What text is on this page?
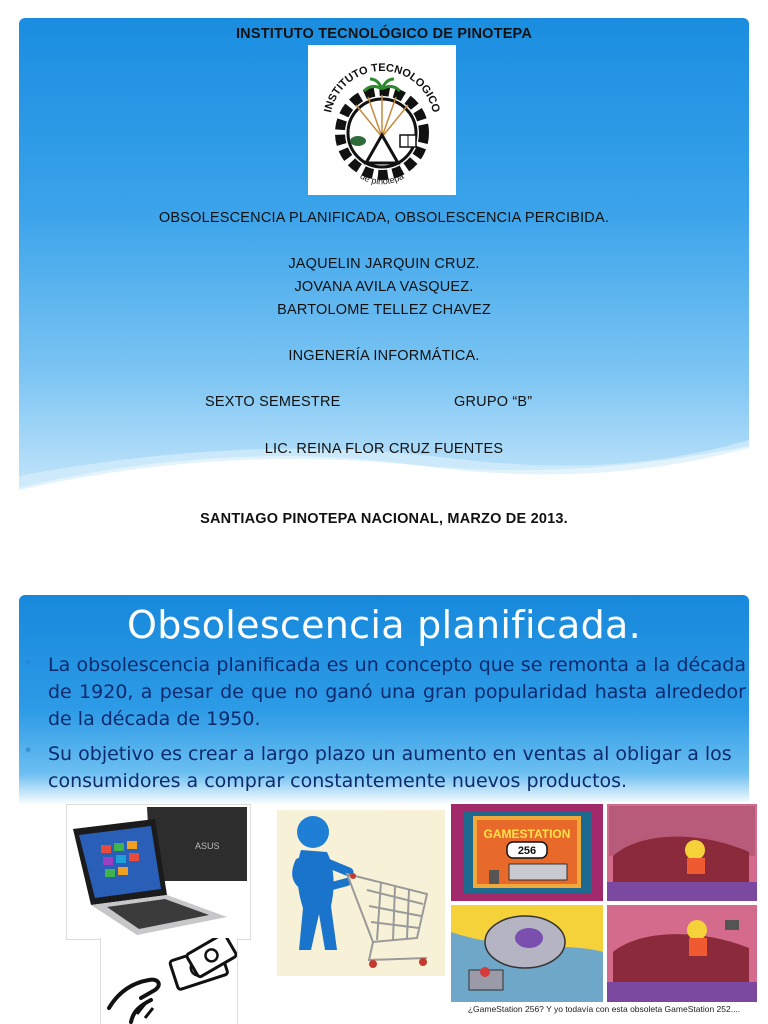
INSTITUTO TECNOLÓGICO DE PINOTEPA
INSTITUTO TECNOLOGICO
de pinotepa
OBSOLESCENCIA PLANIFICADA, OBSOLESCENCIA PERCIBIDA.
JAQUELIN JARQUIN CRUZ.
JOVANA AVILA VASQUEZ.
BARTOLOME TELLEZ CHAVEZ
INGENERÍA INFORMÁTICA.
SEXTO SEMESTRE	GRUPO “B”
LIC. REINA FLOR CRUZ FUENTES
SANTIAGO PINOTEPA NACIONAL, MARZO DE 2013.
Obsolescencia planificada.
* La obsolescencia planificada es un concepto que se remonta a la década de 1920, a pesar de que no ganó una gran popularidad hasta alrededor de la década de 1950.
* Su objetivo es crear a largo plazo un aumento en ventas al obligar a los consumidores a comprar constantemente nuevos productos.
ASUS
GAMESTATION
256
¿GameStation 256? Y yo todavía con esta obsoleta GameStation 252....
